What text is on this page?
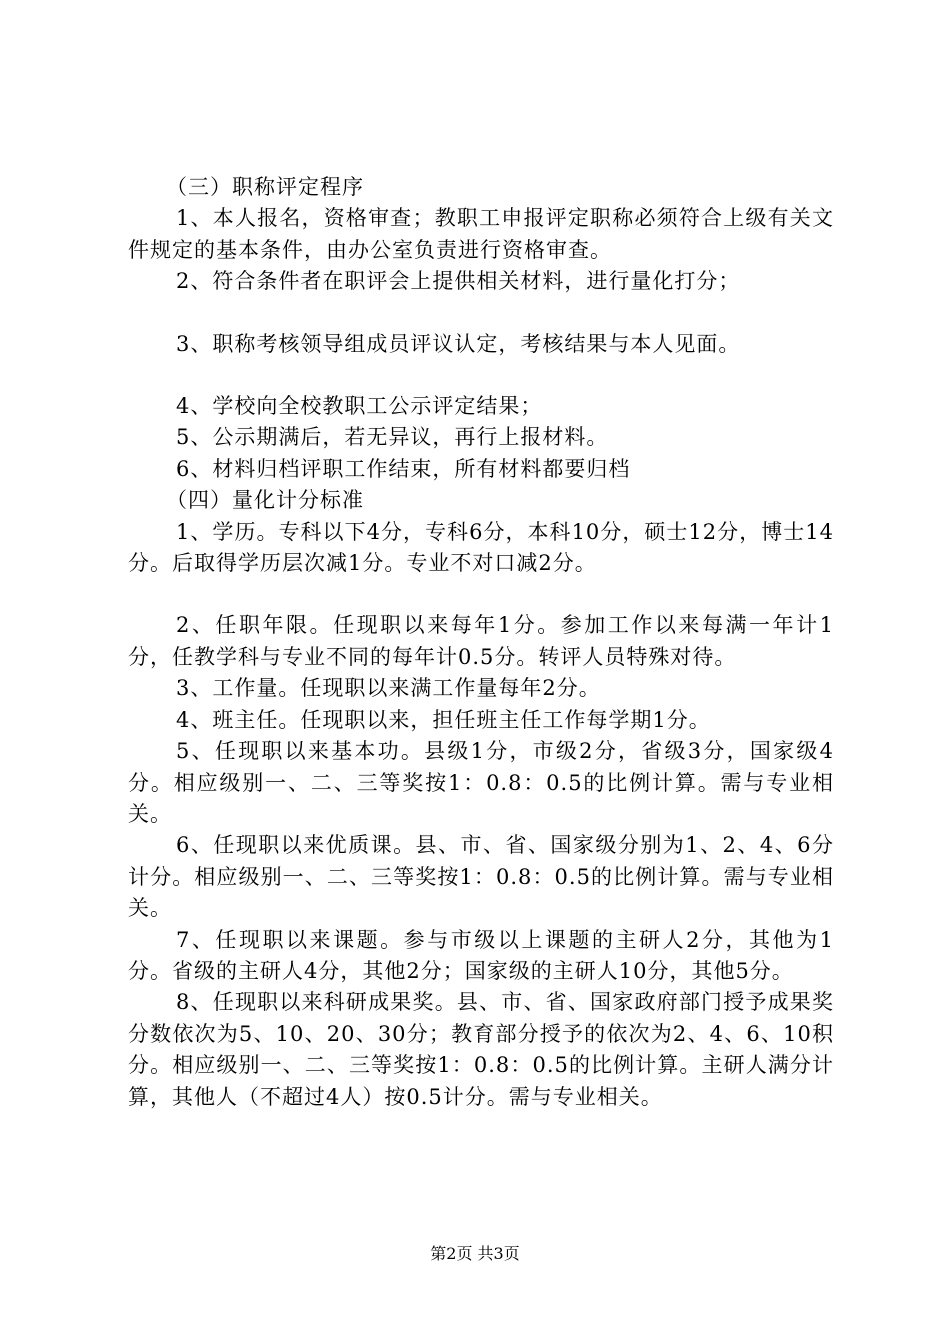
（三）职称评定程序

1、本人报名，资格审查；教职工申报评定职称必须符合上级有关文件规定的基本条件，由办公室负责进行资格审查。

2、符合条件者在职评会上提供相关材料，进行量化打分；

3、职称考核领导组成员评议认定，考核结果与本人见面。

4、学校向全校教职工公示评定结果；

5、公示期满后，若无异议，再行上报材料。

6、材料归档评职工作结束，所有材料都要归档

（四）量化计分标准

1、学历。专科以下4分，专科6分，本科10分，硕士12分，博士14分。后取得学历层次减1分。专业不对口减2分。

2、任职年限。任现职以来每年1分。参加工作以来每满一年计1分，任教学科与专业不同的每年计0.5分。转评人员特殊对待。

3、工作量。任现职以来满工作量每年2分。

4、班主任。任现职以来，担任班主任工作每学期1分。

5、任现职以来基本功。县级1分，市级2分，省级3分，国家级4分。相应级别一、二、三等奖按1：0.8：0.5的比例计算。需与专业相关。

6、任现职以来优质课。县、市、省、国家级分别为1、2、4、6分计分。相应级别一、二、三等奖按1：0.8：0.5的比例计算。需与专业相关。

7、任现职以来课题。参与市级以上课题的主研人2分，其他为1分。省级的主研人4分，其他2分；国家级的主研人10分，其他5分。

8、任现职以来科研成果奖。县、市、省、国家政府部门授予成果奖分数依次为5、10、20、30分；教育部分授予的依次为2、4、6、10积分。相应级别一、二、三等奖按1：0.8：0.5的比例计算。主研人满分计算，其他人（不超过4人）按0.5计分。需与专业相关。

第2页 共3页
